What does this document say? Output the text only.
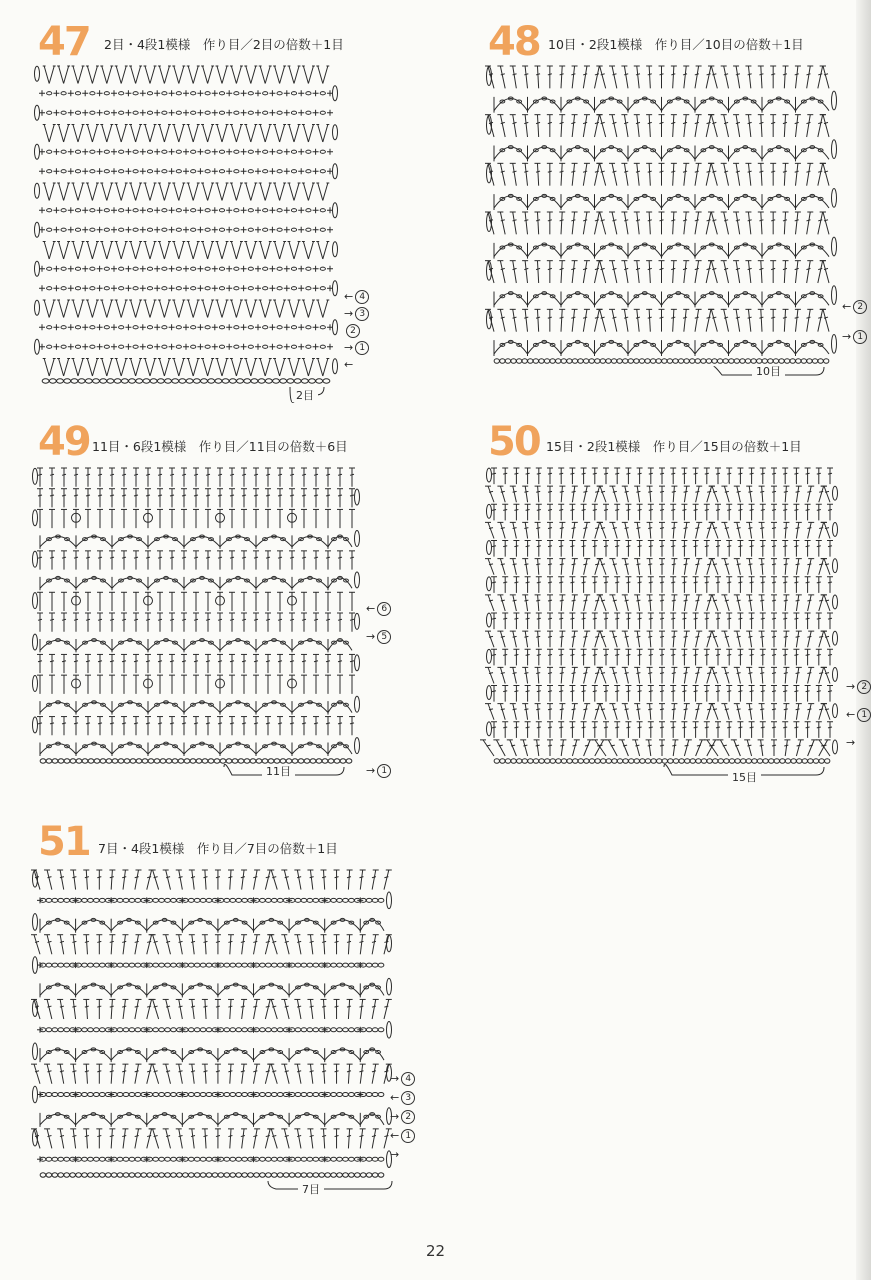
47 2目・4段1模様　作り目／2目の倍数＋1目
2目
48 10目・2段1模様　作り目／10目の倍数＋1目
10目
49 11目・6段1模様　作り目／11目の倍数＋6目
11目
50 15目・2段1模様　作り目／15目の倍数＋1目
15目
51 7目・4段1模様　作り目／7目の倍数＋1目
7目
22
← 4
→ 3
2
→ 1
←
← 2
→ 1
← 6
→ 5
→ 1
→ 2
← 1
→
→ 4
← 3
→ 2
← 1
→
